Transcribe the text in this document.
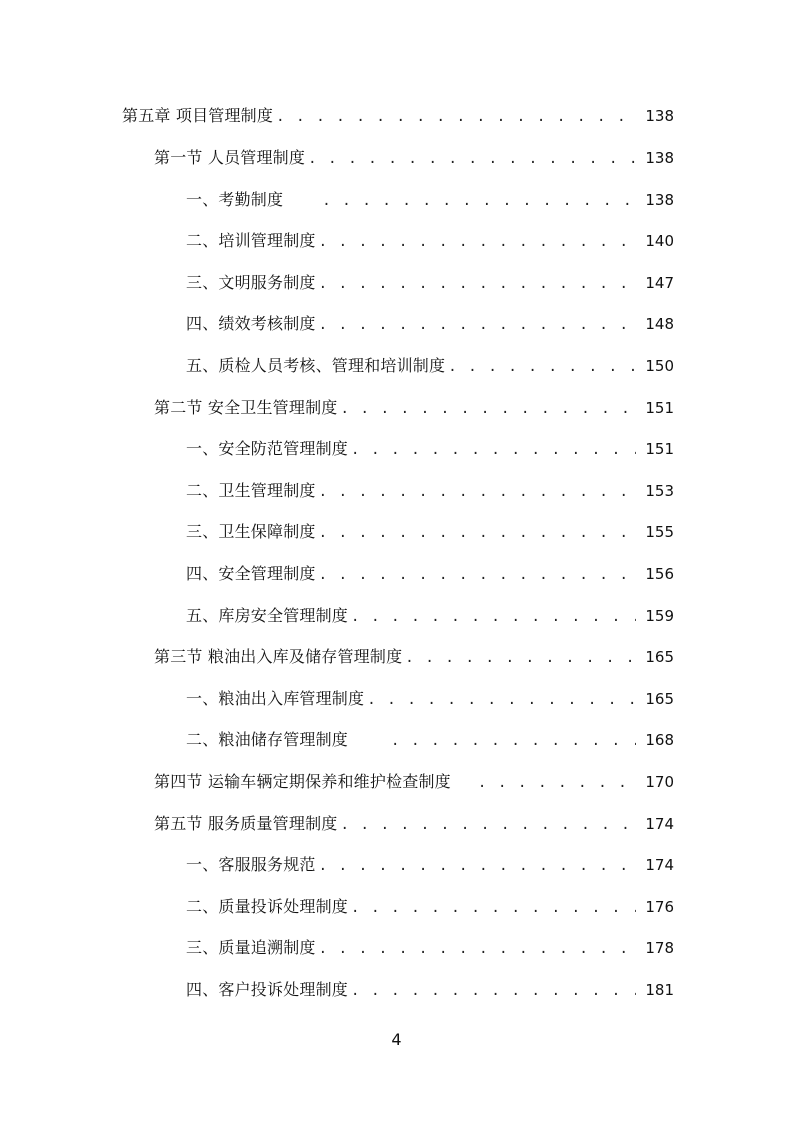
第五章 项目管理制度 . . .	138
第一节 人员管理制度 . . .	138
一、考勤制度 . . .	138
二、培训管理制度 . . .	140
三、文明服务制度 . . .	147
四、绩效考核制度 . . .	148
五、质检人员考核、管理和培训制度 . . .	150
第二节 安全卫生管理制度 . . .	151
一、安全防范管理制度 . . .	151
二、卫生管理制度 . . .	153
三、卫生保障制度 . . .	155
四、安全管理制度 . . .	156
五、库房安全管理制度 . . .	159
第三节 粮油出入库及储存管理制度 . . .	165
一、粮油出入库管理制度 . . .	165
二、粮油储存管理制度 . . .	168
第四节 运输车辆定期保养和维护检查制度 . . .	170
第五节 服务质量管理制度 . . .	174
一、客服服务规范 . . .	174
二、质量投诉处理制度 . . .	176
三、质量追溯制度 . . .	178
四、客户投诉处理制度 . . .	181
4
